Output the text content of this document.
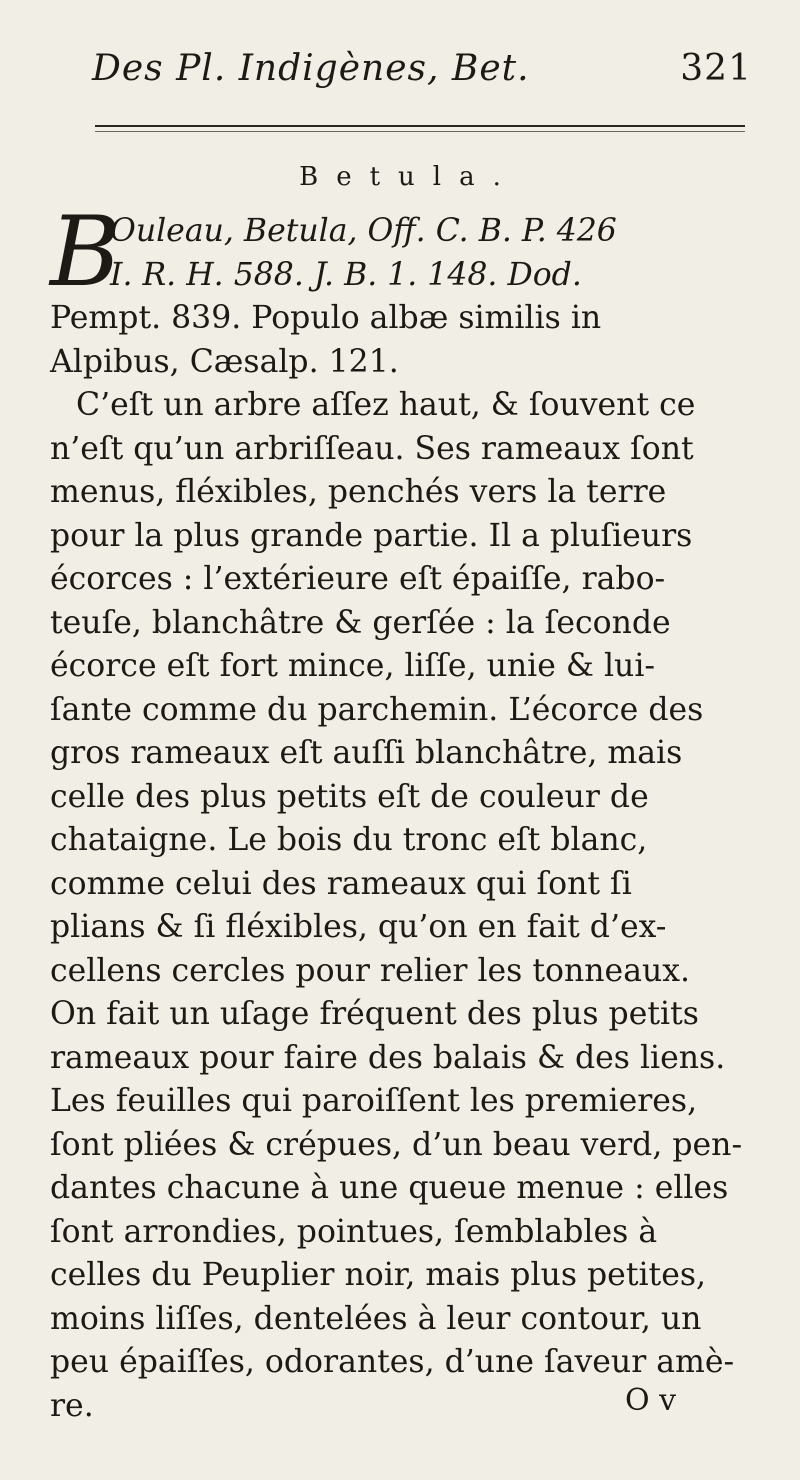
Des Pl. Indigènes, Bet.	321
Betula.
B
Ouleau, Betula, Off. C. B. P. 426
I. R. H. 588. J. B. 1. 148. Dod.
Pempt. 839. Populo albæ similis in
Alpibus, Cæsalp. 121.
C’eſt un arbre aſſez haut, & ſouvent ce
n’eſt qu’un arbriſſeau. Ses rameaux ſont
menus, fléxibles, penchés vers la terre
pour la plus grande partie. Il a pluſieurs
écorces : l’extérieure eſt épaiſſe, rabo-
teuſe, blanchâtre & gerſée : la ſeconde
écorce eſt fort mince, liſſe, unie & lui-
ſante comme du parchemin. L’écorce des
gros rameaux eſt auſſi blanchâtre, mais
celle des plus petits eſt de couleur de
chataigne. Le bois du tronc eſt blanc,
comme celui des rameaux qui ſont ſi
plians & ſi fléxibles, qu’on en fait d’ex-
cellens cercles pour relier les tonneaux.
On fait un uſage fréquent des plus petits
rameaux pour faire des balais & des liens.
Les feuilles qui paroiſſent les premieres,
ſont pliées & crépues, d’un beau verd, pen-
dantes chacune à une queue menue : elles
ſont arrondies, pointues, ſemblables à
celles du Peuplier noir, mais plus petites,
moins liſſes, dentelées à leur contour, un
peu épaiſſes, odorantes, d’une ſaveur amè-
re.	O v
